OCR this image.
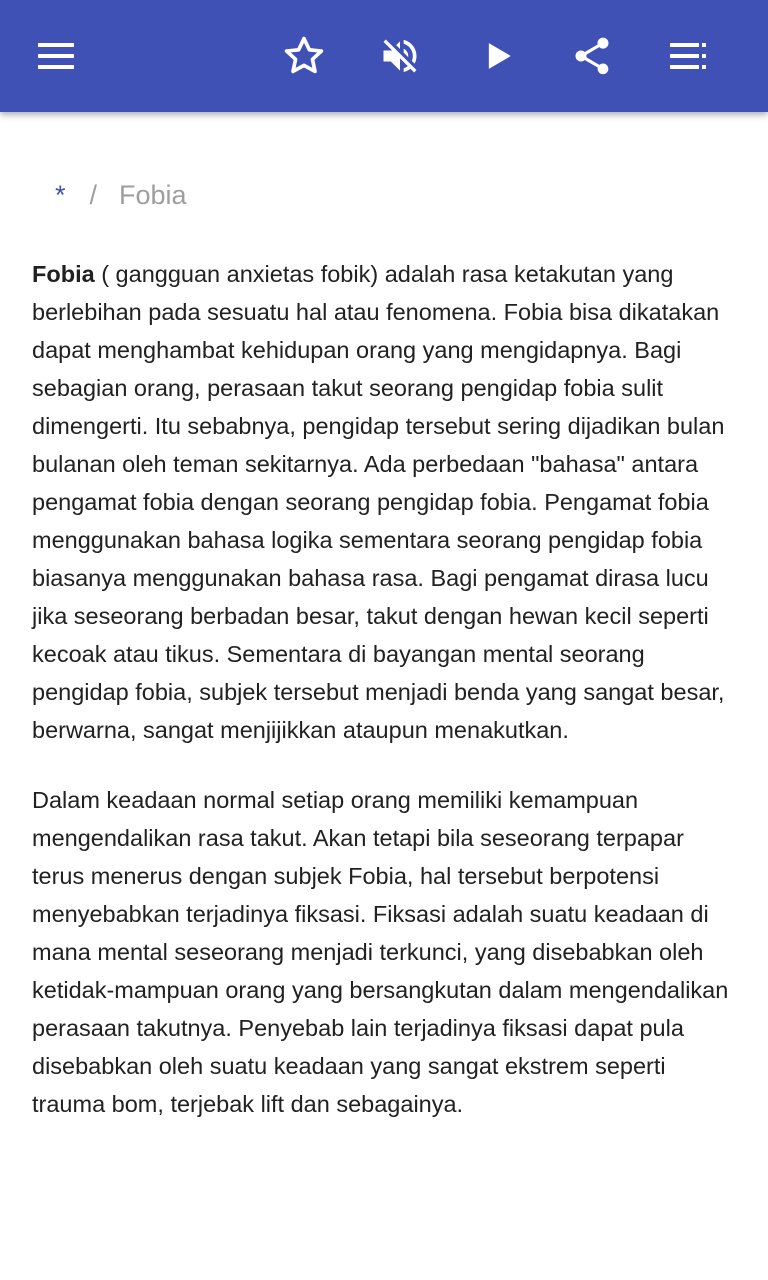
* / Fobia

Fobia ( gangguan anxietas fobik) adalah rasa ketakutan yang berlebihan pada sesuatu hal atau fenomena. Fobia bisa dikatakan dapat menghambat kehidupan orang yang mengidapnya. Bagi sebagian orang, perasaan takut seorang pengidap fobia sulit dimengerti. Itu sebabnya, pengidap tersebut sering dijadikan bulan bulanan oleh teman sekitarnya. Ada perbedaan "bahasa" antara pengamat fobia dengan seorang pengidap fobia. Pengamat fobia menggunakan bahasa logika sementara seorang pengidap fobia biasanya menggunakan bahasa rasa. Bagi pengamat dirasa lucu jika seseorang berbadan besar, takut dengan hewan kecil seperti kecoak atau tikus. Sementara di bayangan mental seorang pengidap fobia, subjek tersebut menjadi benda yang sangat besar, berwarna, sangat menjijikkan ataupun menakutkan.

Dalam keadaan normal setiap orang memiliki kemampuan mengendalikan rasa takut. Akan tetapi bila seseorang terpapar terus menerus dengan subjek Fobia, hal tersebut berpotensi menyebabkan terjadinya fiksasi. Fiksasi adalah suatu keadaan di mana mental seseorang menjadi terkunci, yang disebabkan oleh ketidak-mampuan orang yang bersangkutan dalam mengendalikan perasaan takutnya. Penyebab lain terjadinya fiksasi dapat pula disebabkan oleh suatu keadaan yang sangat ekstrem seperti trauma bom, terjebak lift dan sebagainya.
